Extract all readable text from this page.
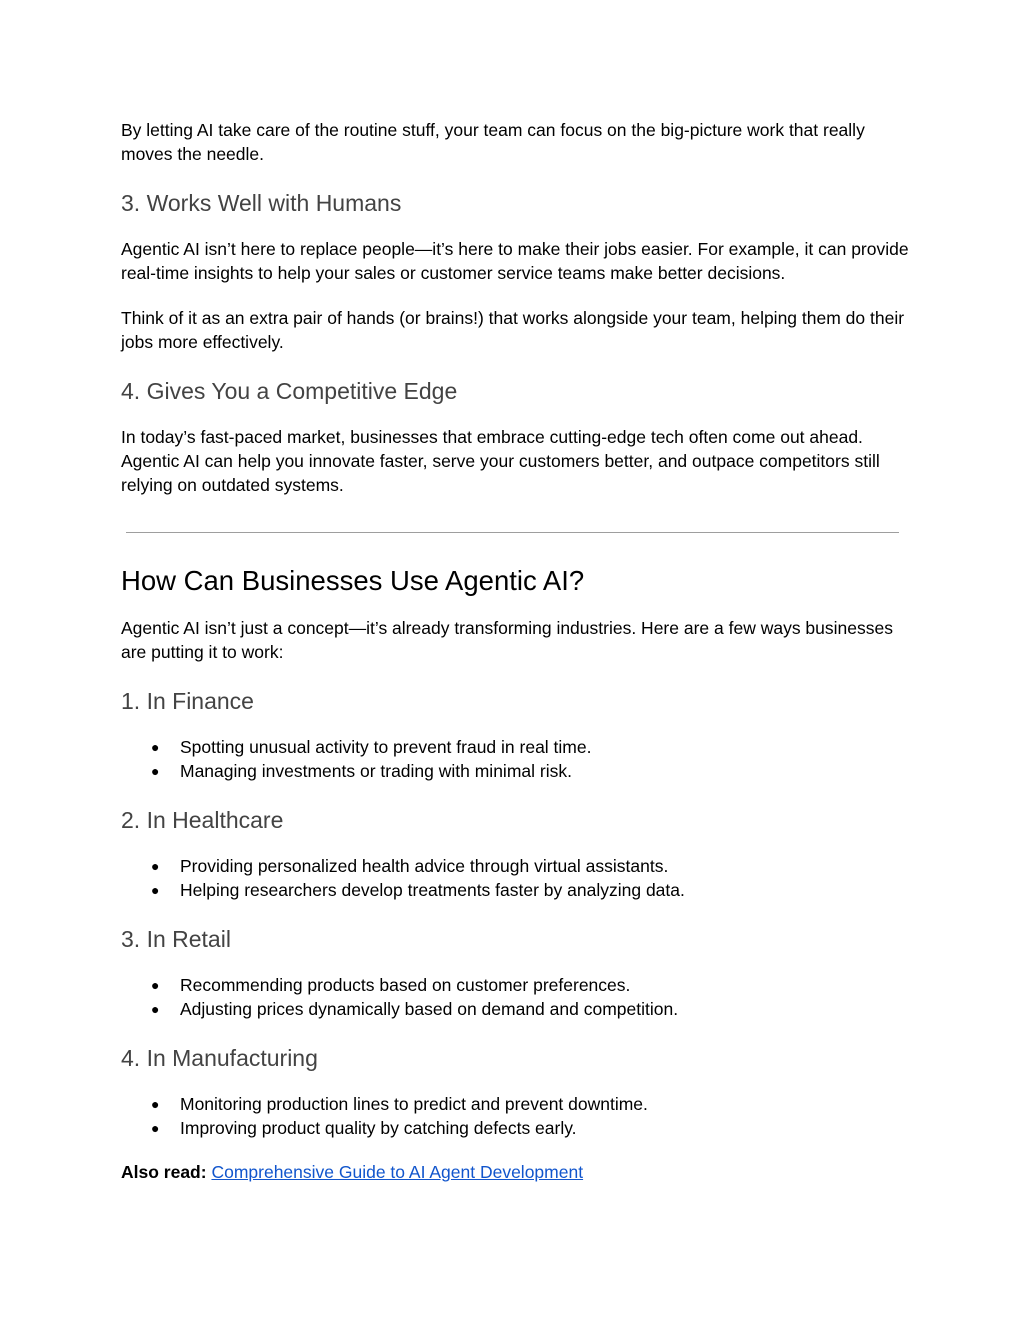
By letting AI take care of the routine stuff, your team can focus on the big-picture work that really moves the needle.

3. Works Well with Humans

Agentic AI isn’t here to replace people—it’s here to make their jobs easier. For example, it can provide real-time insights to help your sales or customer service teams make better decisions.

Think of it as an extra pair of hands (or brains!) that works alongside your team, helping them do their jobs more effectively.

4. Gives You a Competitive Edge

In today’s fast-paced market, businesses that embrace cutting-edge tech often come out ahead. Agentic AI can help you innovate faster, serve your customers better, and outpace competitors still relying on outdated systems.

How Can Businesses Use Agentic AI?

Agentic AI isn’t just a concept—it’s already transforming industries. Here are a few ways businesses are putting it to work:

1. In Finance
● Spotting unusual activity to prevent fraud in real time.
● Managing investments or trading with minimal risk.
2. In Healthcare
● Providing personalized health advice through virtual assistants.
● Helping researchers develop treatments faster by analyzing data.
3. In Retail
● Recommending products based on customer preferences.
● Adjusting prices dynamically based on demand and competition.
4. In Manufacturing
● Monitoring production lines to predict and prevent downtime.
● Improving product quality by catching defects early.

Also read: Comprehensive Guide to AI Agent Development
